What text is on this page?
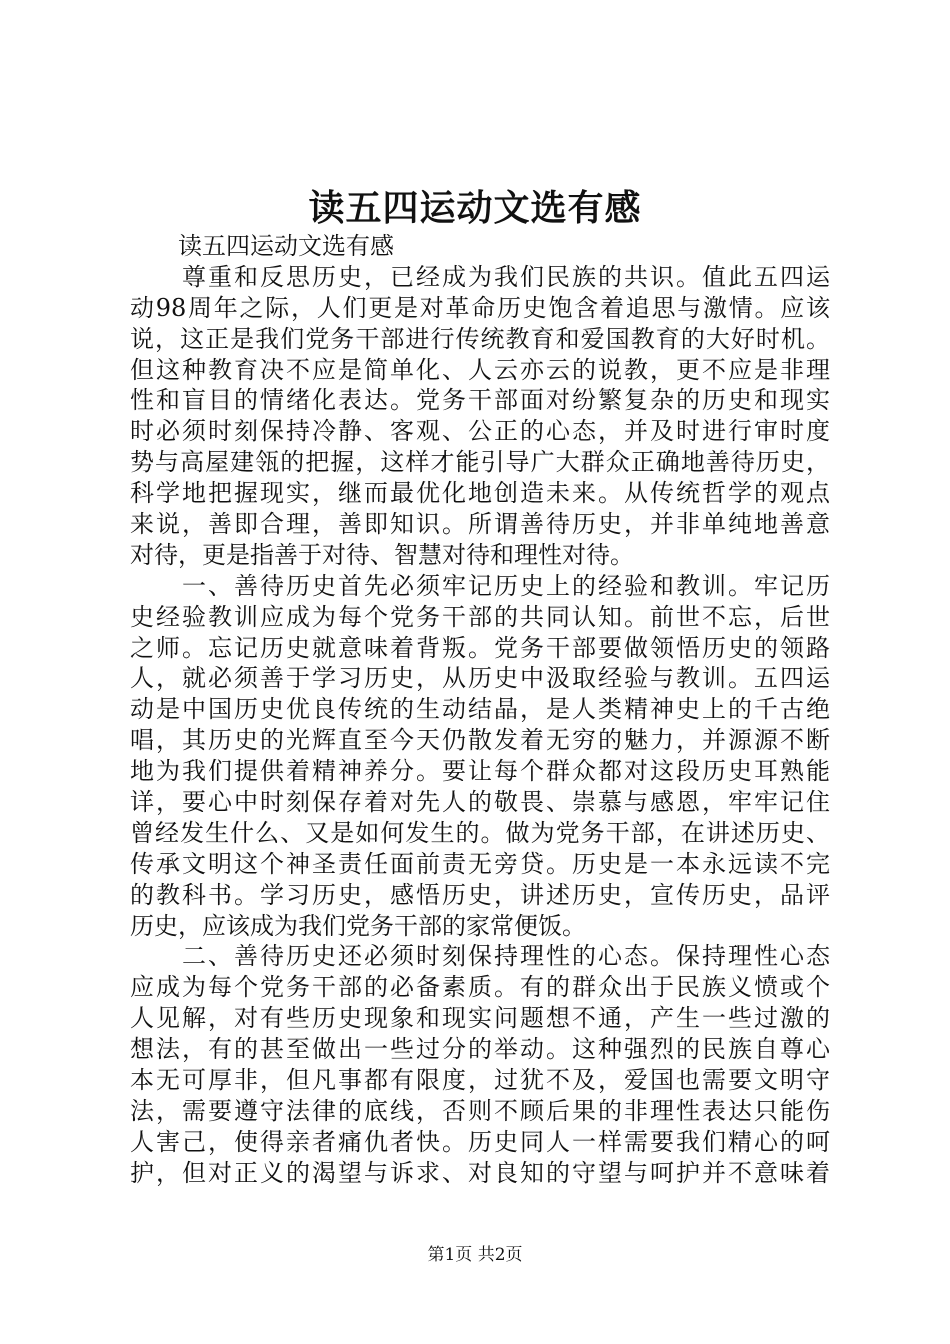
读五四运动文选有感
　　读五四运动文选有感
　　尊重和反思历史，已经成为我们民族的共识。值此五四运
动98周年之际，人们更是对革命历史饱含着追思与激情。应该
说，这正是我们党务干部进行传统教育和爱国教育的大好时机。
但这种教育决不应是简单化、人云亦云的说教，更不应是非理
性和盲目的情绪化表达。党务干部面对纷繁复杂的历史和现实
时必须时刻保持冷静、客观、公正的心态，并及时进行审时度
势与高屋建瓴的把握，这样才能引导广大群众正确地善待历史，
科学地把握现实，继而最优化地创造未来。从传统哲学的观点
来说，善即合理，善即知识。所谓善待历史，并非单纯地善意
对待，更是指善于对待、智慧对待和理性对待。
　　一、善待历史首先必须牢记历史上的经验和教训。牢记历
史经验教训应成为每个党务干部的共同认知。前世不忘，后世
之师。忘记历史就意味着背叛。党务干部要做领悟历史的领路
人，就必须善于学习历史，从历史中汲取经验与教训。五四运
动是中国历史优良传统的生动结晶，是人类精神史上的千古绝
唱，其历史的光辉直至今天仍散发着无穷的魅力，并源源不断
地为我们提供着精神养分。要让每个群众都对这段历史耳熟能
详，要心中时刻保存着对先人的敬畏、崇慕与感恩，牢牢记住
曾经发生什么、又是如何发生的。做为党务干部，在讲述历史、
传承文明这个神圣责任面前责无旁贷。历史是一本永远读不完
的教科书。学习历史，感悟历史，讲述历史，宣传历史，品评
历史，应该成为我们党务干部的家常便饭。
　　二、善待历史还必须时刻保持理性的心态。保持理性心态
应成为每个党务干部的必备素质。有的群众出于民族义愤或个
人见解，对有些历史现象和现实问题想不通，产生一些过激的
想法，有的甚至做出一些过分的举动。这种强烈的民族自尊心
本无可厚非，但凡事都有限度，过犹不及，爱国也需要文明守
法，需要遵守法律的底线，否则不顾后果的非理性表达只能伤
人害己，使得亲者痛仇者快。历史同人一样需要我们精心的呵
护，但对正义的渴望与诉求、对良知的守望与呵护并不意味着
第1页 共2页
